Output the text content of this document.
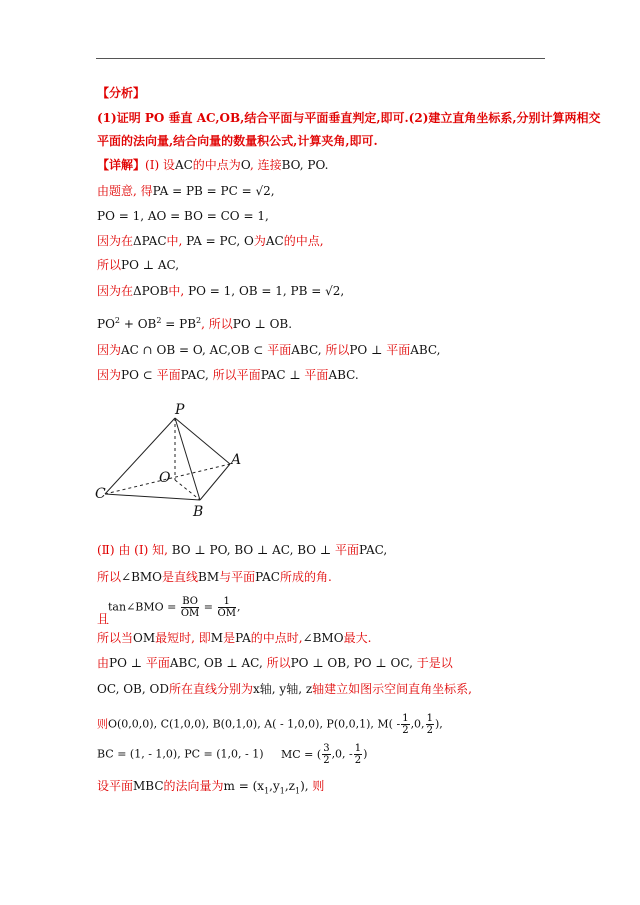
【分析】
(1)证明 PO 垂直 AC,OB,结合平面与平面垂直判定,即可.(2)建立直角坐标系,分别计算两相交
平面的法向量,结合向量的数量积公式,计算夹角,即可.
【详解】(Ⅰ) 设AC的中点为O, 连接BO, PO.
由题意, 得PA = PB = PC = √2,
PO = 1, AO = BO = CO = 1,
因为在ΔPAC中, PA = PC, O为AC的中点,
所以PO ⊥ AC,
因为在ΔPOB中, PO = 1, OB = 1, PB = √2,
$PO^2 + OB^2 = PB^2$, 所以PO ⊥ OB.
因为AC ∩ OB = O, AC,OB ⊂ 平面ABC, 所以PO ⊥ 平面ABC,
因为PO ⊂ 平面PAC, 所以平面PAC ⊥ 平面ABC.
P
A
O
C
B
(Ⅱ) 由 (Ⅰ) 知, BO ⊥ PO, BO ⊥ AC, BO ⊥ 平面PAC,
所以∠BMO是直线BM与平面PAC所成的角.
tan∠BMO = $\frac{BO}{OM} = \frac{1}{OM}$ ,
且
所以当OM最短时, 即M是PA的中点时,∠BMO最大.
由PO ⊥ 平面ABC, OB ⊥ AC, 所以PO ⊥ OB, PO ⊥ OC, 于是以
OC, OB, OD所在直线分别为x轴, y轴, z轴建立如图示空间直角坐标系,
则O(0,0,0), C(1,0,0), B(0,1,0), A( - 1,0,0), P(0,0,1), $M( - \frac{1}{2} ,0$, $\frac{1}{2}$ ),
BC = (1, - 1,0), PC = (1,0, - 1) MC = ( $\frac{3}{2} ,0$, - $\frac{1}{2}$ )
设平面MBC的法向量为$m = (x_1,y_1,z_1)$, 则
